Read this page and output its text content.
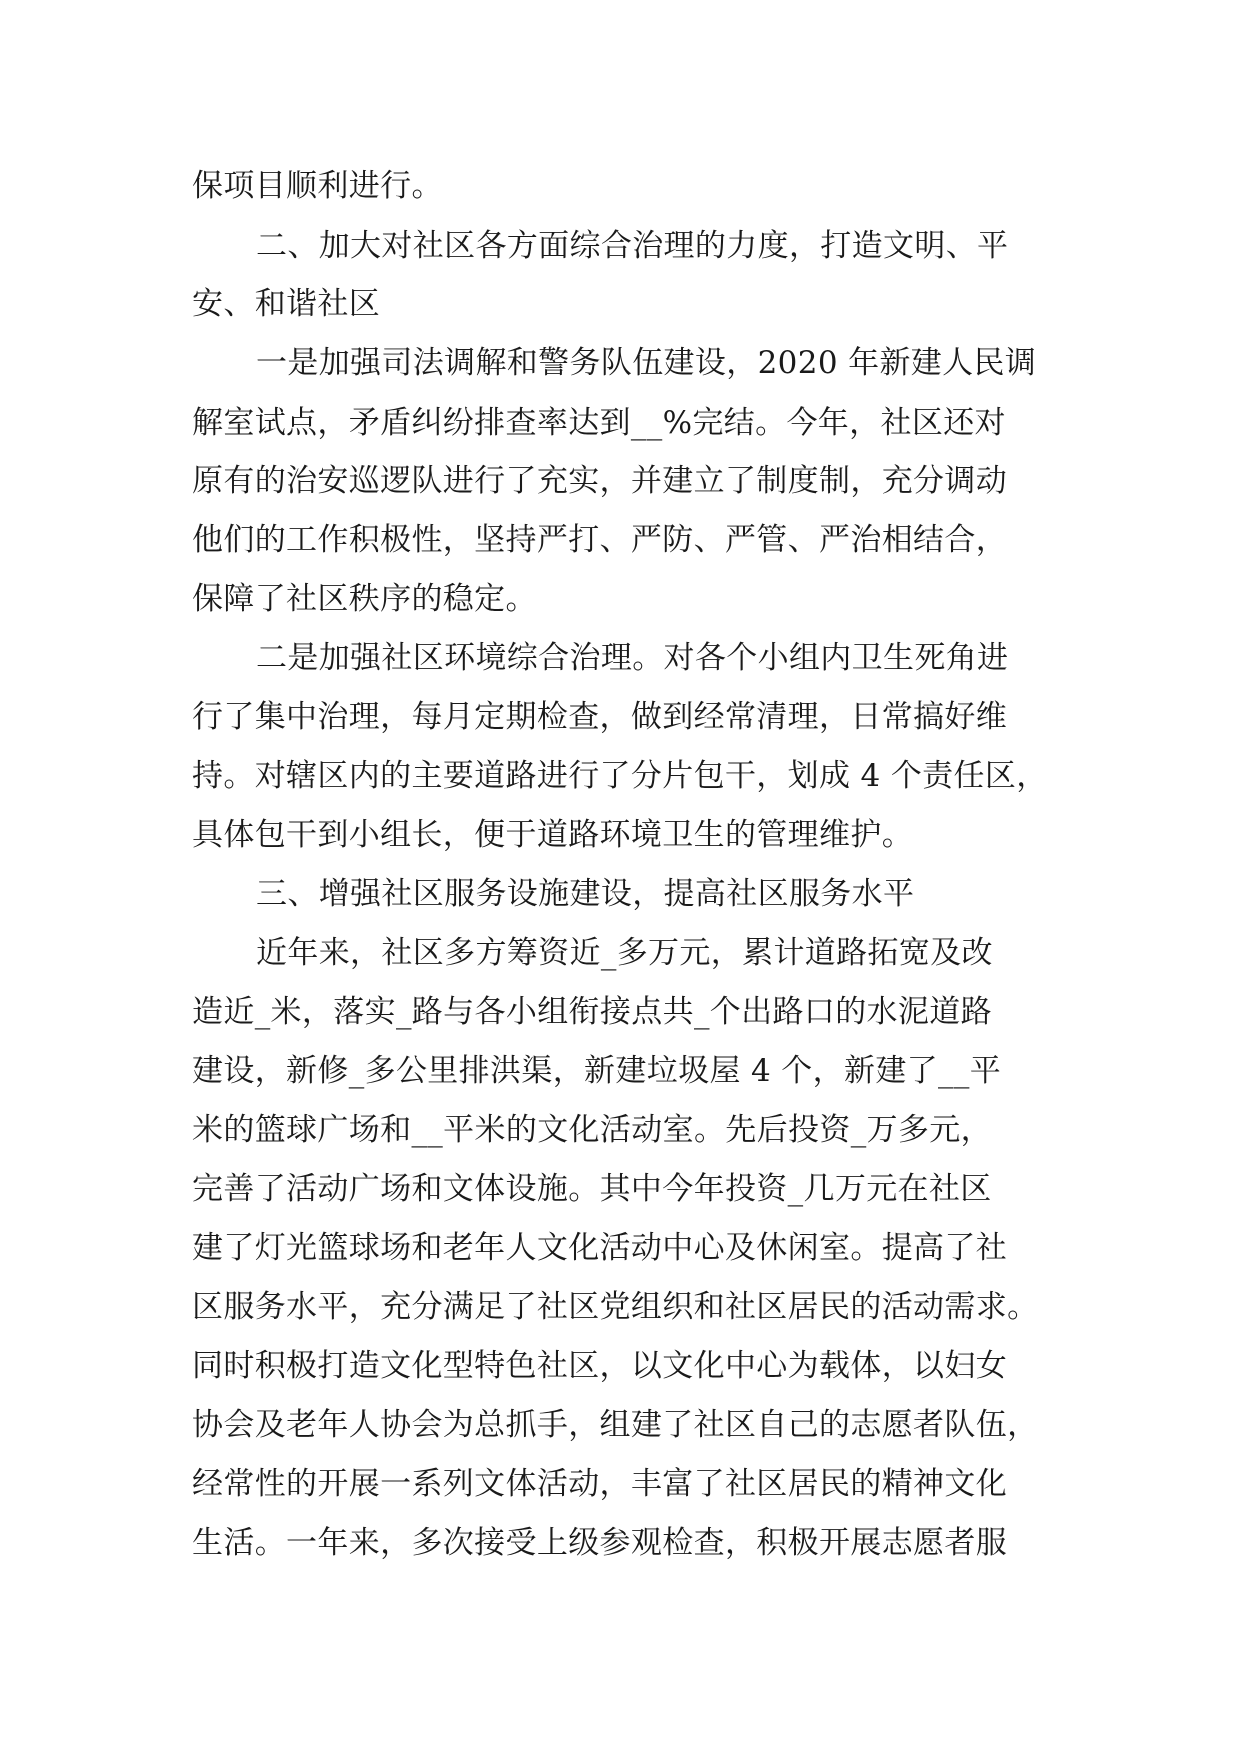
保项目顺利进行。
二、加大对社区各方面综合治理的力度，打造文明、平
安、和谐社区
一是加强司法调解和警务队伍建设，2020 年新建人民调
解室试点，矛盾纠纷排查率达到__%完结。今年，社区还对
原有的治安巡逻队进行了充实，并建立了制度制，充分调动
他们的工作积极性，坚持严打、严防、严管、严治相结合，
保障了社区秩序的稳定。
二是加强社区环境综合治理。对各个小组内卫生死角进
行了集中治理，每月定期检查，做到经常清理，日常搞好维
持。对辖区内的主要道路进行了分片包干，划成 4 个责任区，
具体包干到小组长，便于道路环境卫生的管理维护。
三、增强社区服务设施建设，提高社区服务水平
近年来，社区多方筹资近_多万元，累计道路拓宽及改
造近_米，落实_路与各小组衔接点共_个出路口的水泥道路
建设，新修_多公里排洪渠，新建垃圾屋 4 个，新建了__平
米的篮球广场和__平米的文化活动室。先后投资_万多元，
完善了活动广场和文体设施。其中今年投资_几万元在社区
建了灯光篮球场和老年人文化活动中心及休闲室。提高了社
区服务水平，充分满足了社区党组织和社区居民的活动需求。
同时积极打造文化型特色社区，以文化中心为载体，以妇女
协会及老年人协会为总抓手，组建了社区自己的志愿者队伍，
经常性的开展一系列文体活动，丰富了社区居民的精神文化
生活。一年来，多次接受上级参观检查，积极开展志愿者服
